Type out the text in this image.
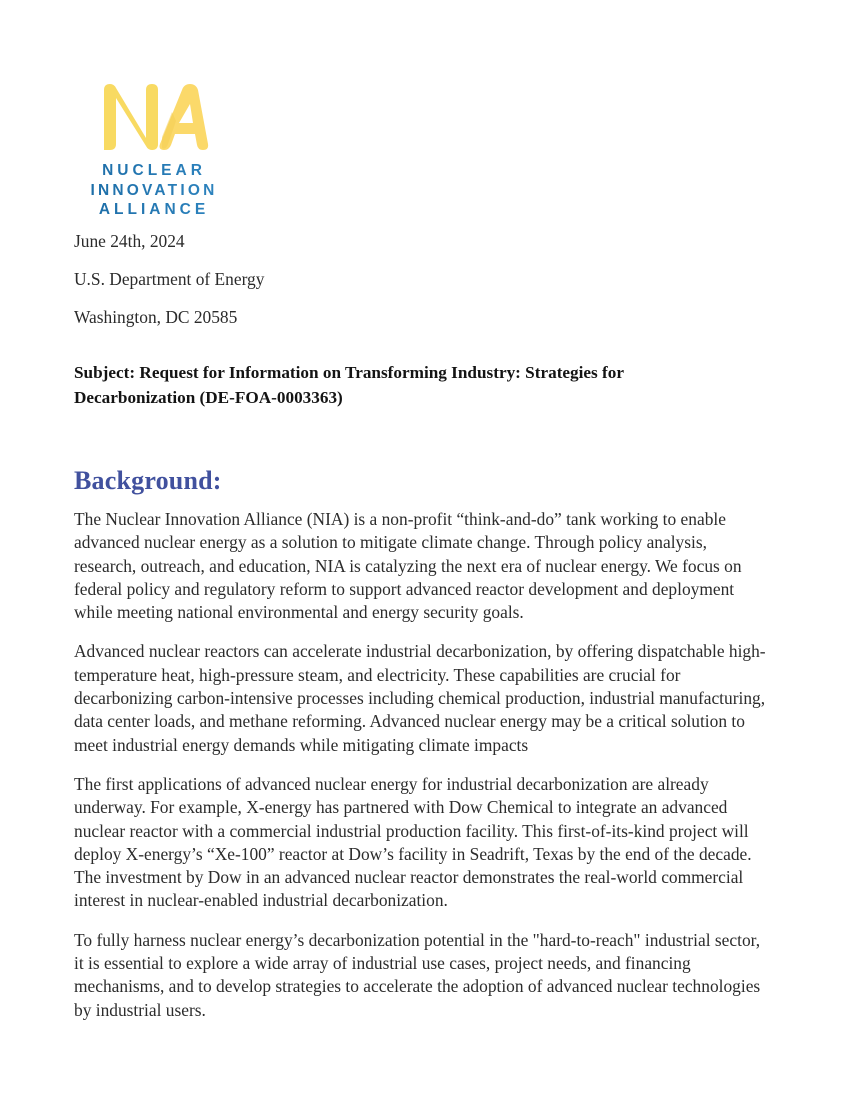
NUCLEAR
INNOVATION
ALLIANCE

June 24th, 2024

U.S. Department of Energy

Washington, DC 20585

Subject: Request for Information on Transforming Industry: Strategies for Decarbonization (DE-FOA-0003363)
Background:

The Nuclear Innovation Alliance (NIA) is a non-profit “think-and-do” tank working to enable advanced nuclear energy as a solution to mitigate climate change. Through policy analysis, research, outreach, and education, NIA is catalyzing the next era of nuclear energy. We focus on federal policy and regulatory reform to support advanced reactor development and deployment while meeting national environmental and energy security goals.

Advanced nuclear reactors can accelerate industrial decarbonization, by offering dispatchable high-temperature heat, high-pressure steam, and electricity. These capabilities are crucial for decarbonizing carbon-intensive processes including chemical production, industrial manufacturing, data center loads, and methane reforming. Advanced nuclear energy may be a critical solution to meet industrial energy demands while mitigating climate impacts

The first applications of advanced nuclear energy for industrial decarbonization are already underway. For example, X-energy has partnered with Dow Chemical to integrate an advanced nuclear reactor with a commercial industrial production facility. This first-of-its-kind project will deploy X-energy’s “Xe-100” reactor at Dow’s facility in Seadrift, Texas by the end of the decade. The investment by Dow in an advanced nuclear reactor demonstrates the real-world commercial interest in nuclear-enabled industrial decarbonization.

To fully harness nuclear energy’s decarbonization potential in the "hard-to-reach" industrial sector, it is essential to explore a wide array of industrial use cases, project needs, and financing mechanisms, and to develop strategies to accelerate the adoption of advanced nuclear technologies by industrial users.
